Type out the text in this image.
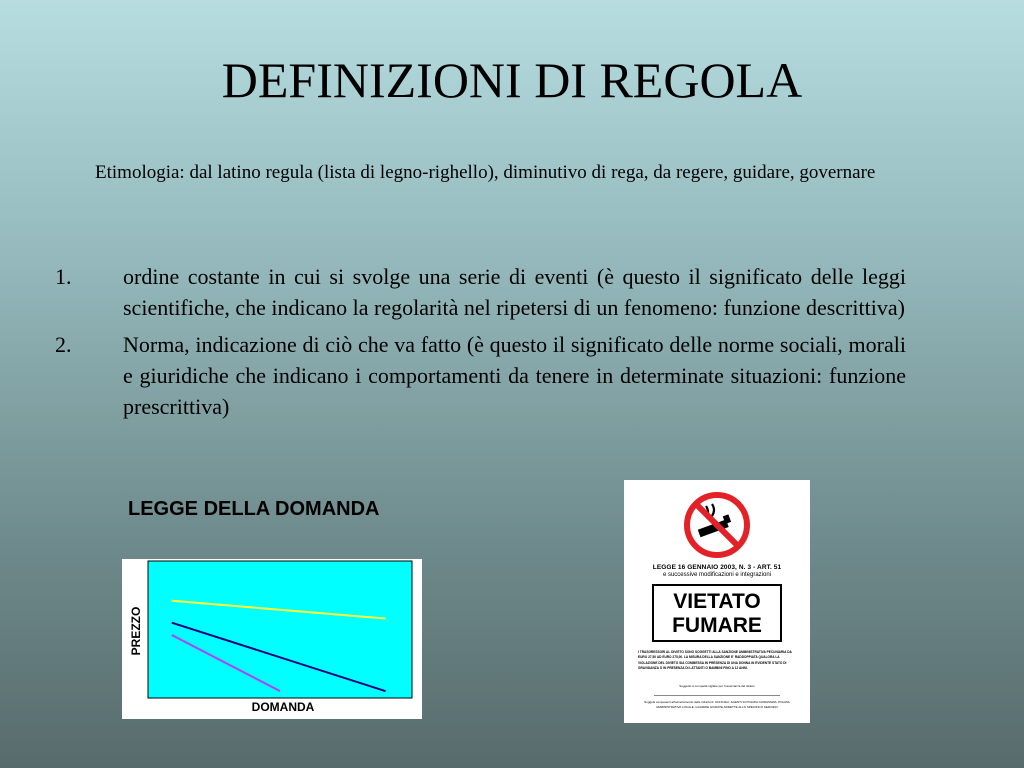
DEFINIZIONI DI REGOLA
Etimologia: dal latino regula (lista di legno-righello), diminutivo di rega, da regere, guidare, governare
1.	ordine costante in cui si svolge una serie di eventi (è questo il significato delle leggi scientifiche, che indicano la regolarità nel ripetersi di un fenomeno: funzione descrittiva)
2.	Norma, indicazione di ciò che va fatto (è questo il significato delle norme sociali, morali e giuridiche che indicano i comportamenti da tenere in determinate situazioni: funzione prescrittiva)
LEGGE DELLA DOMANDA
PREZZO
DOMANDA
LEGGE 16 GENNAIO 2003, N. 3 - ART. 51
e successive modificazioni e integrazioni
VIETATO
FUMARE
I TRASGRESSORI AL DIVIETO SONO SOGGETTI ALLA SANZIONE AMMINISTRATIVA PECUNIARIA DA EURO 27,50 AD EURO 275,00. LA MISURA DELLA SANZIONE E' RADDOPPIATA QUALORA LA VIOLAZIONE DEL DIVIETO SIA COMMESSA IN PRESENZA DI UNA DONNA IN EVIDENTE STATO DI GRAVIDANZA O IN PRESENZA DI LATTANTI O BAMBINI FINO A 12 ANNI.
Soggetto a cui spetta vigilare per l'osservanza del divieto
Soggetti competenti all'accertamento delle infrazioni: UFFICIALI, AGENTI DI POLIZIA GIUDIZIARIA, POLIZIA AMMINISTRATIVA LOCALE, GUARDIE GIURATE ADDETTE ALLO SPECIFICO SERVIZIO
